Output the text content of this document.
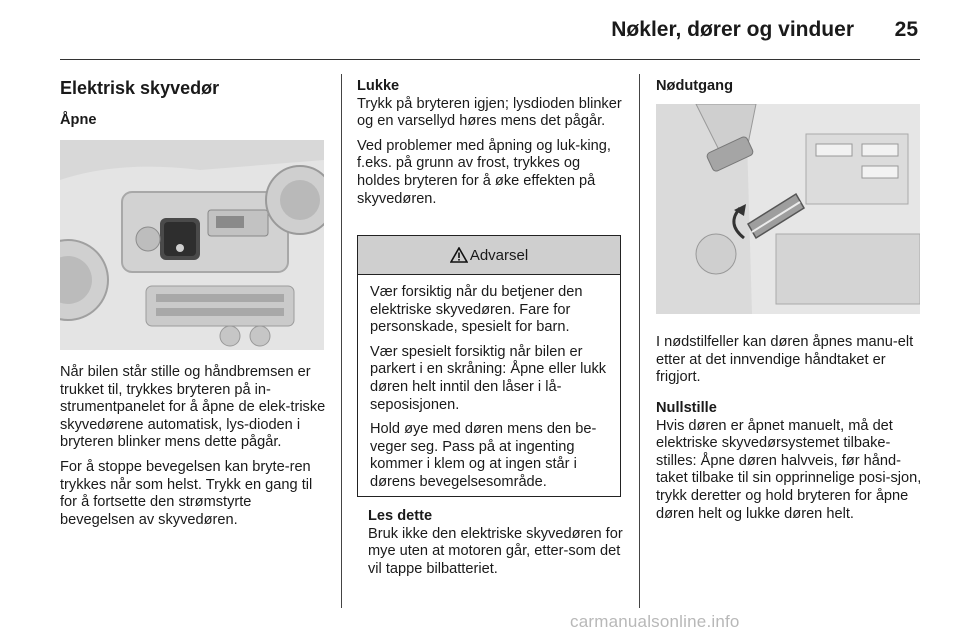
Nøkler, dører og vinduer 25
Elektrisk skyvedør
Åpne

Når bilen står stille og håndbremsen er trukket til, trykkes bryteren på in-strumentpanelet for å åpne de elek-triske skyvedørene automatisk, lys-dioden i bryteren blinker mens dette pågår.

For å stoppe bevegelsen kan bryte-ren trykkes når som helst. Trykk en gang til for å fortsette den strømstyrte bevegelsen av skyvedøren.

Lukke

Trykk på bryteren igjen; lysdioden blinker og en varsellyd høres mens det pågår.

Ved problemer med åpning og luk-king, f.eks. på grunn av frost, trykkes og holdes bryteren for å øke effekten på skyvedøren.

Advarsel

Vær forsiktig når du betjener den elektriske skyvedøren. Fare for personskade, spesielt for barn.

Vær spesielt forsiktig når bilen er parkert i en skråning: Åpne eller lukk døren helt inntil den låser i lå-seposisjonen.

Hold øye med døren mens den be-veger seg. Pass på at ingenting kommer i klem og at ingen står i dørens bevegelsesområde.

Les dette

Bruk ikke den elektriske skyvedøren for mye uten at motoren går, etter-som det vil tappe bilbatteriet.

Nødutgang

I nødstilfeller kan døren åpnes manu-elt etter at det innvendige håndtaket er frigjort.

Nullstille

Hvis døren er åpnet manuelt, må det elektriske skyvedørsystemet tilbake-stilles: Åpne døren halvveis, før hånd-taket tilbake til sin opprinnelige posi-sjon, trykk deretter og hold bryteren for åpne døren helt og lukke døren helt.

carmanualsonline.info
